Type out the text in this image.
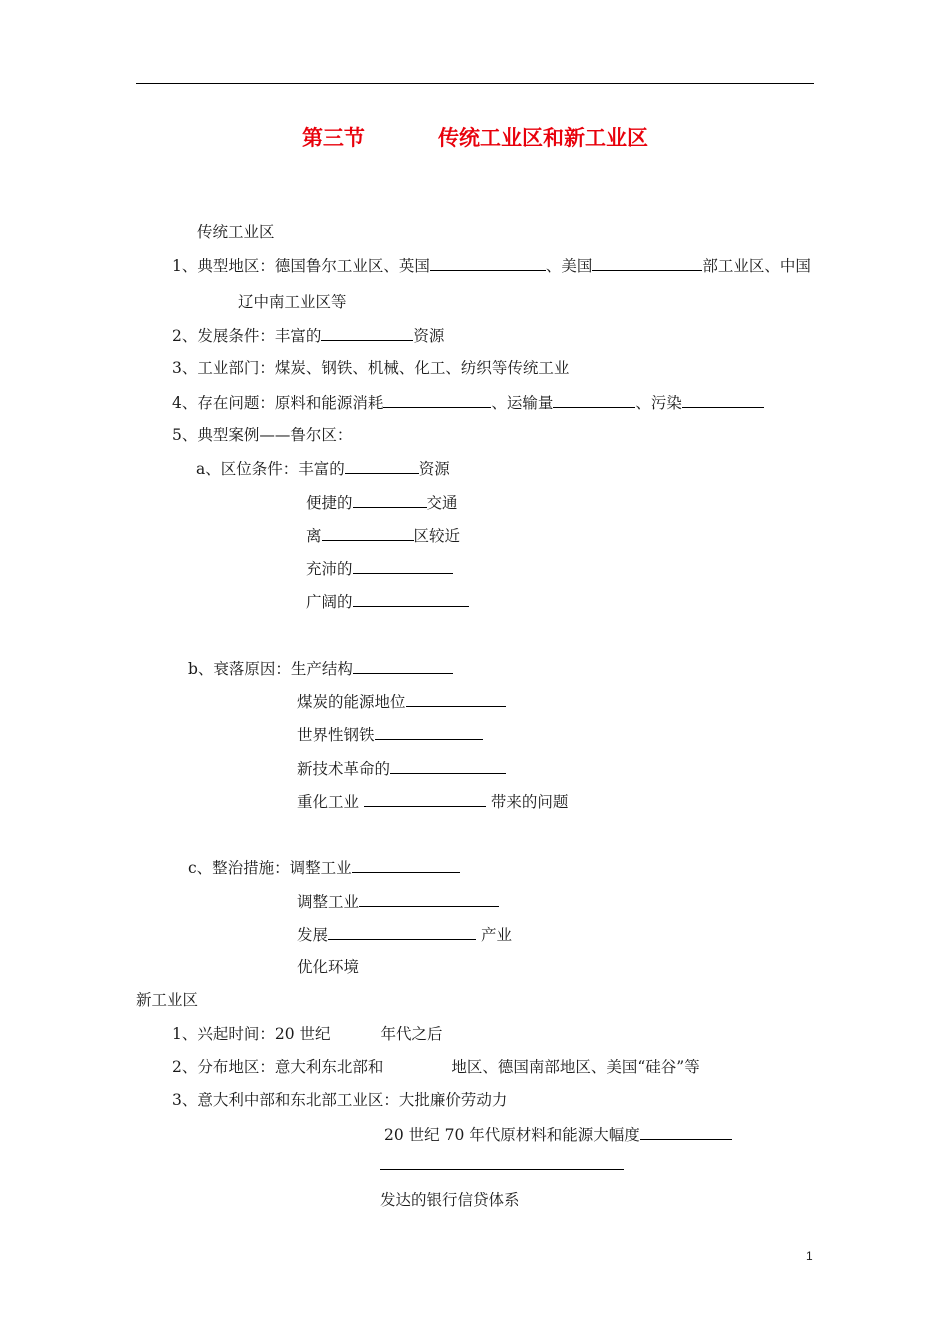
第三节          传统工业区和新工业区
传统工业区
1、典型地区：德国鲁尔工业区、英国	、美国	部工业区、中国
辽中南工业区等
2、发展条件：丰富的	资源
3、工业部门：煤炭、钢铁、机械、化工、纺织等传统工业
4、存在问题：原料和能源消耗	、运输量	、污染
5、典型案例——鲁尔区：
a、区位条件：丰富的	资源
便捷的	交通
离	区较近
充沛的
广阔的
b、衰落原因：生产结构
煤炭的能源地位
世界性钢铁
新技术革命的
重化工业	带来的问题
c、整治措施：调整工业
调整工业
发展	产业
优化环境
新工业区
1、兴起时间：20 世纪	年代之后
2、分布地区：意大利东北部和	地区、德国南部地区、美国“硅谷”等
3、意大利中部和东北部工业区：大批廉价劳动力
20 世纪 70 年代原材料和能源大幅度
发达的银行信贷体系
1
